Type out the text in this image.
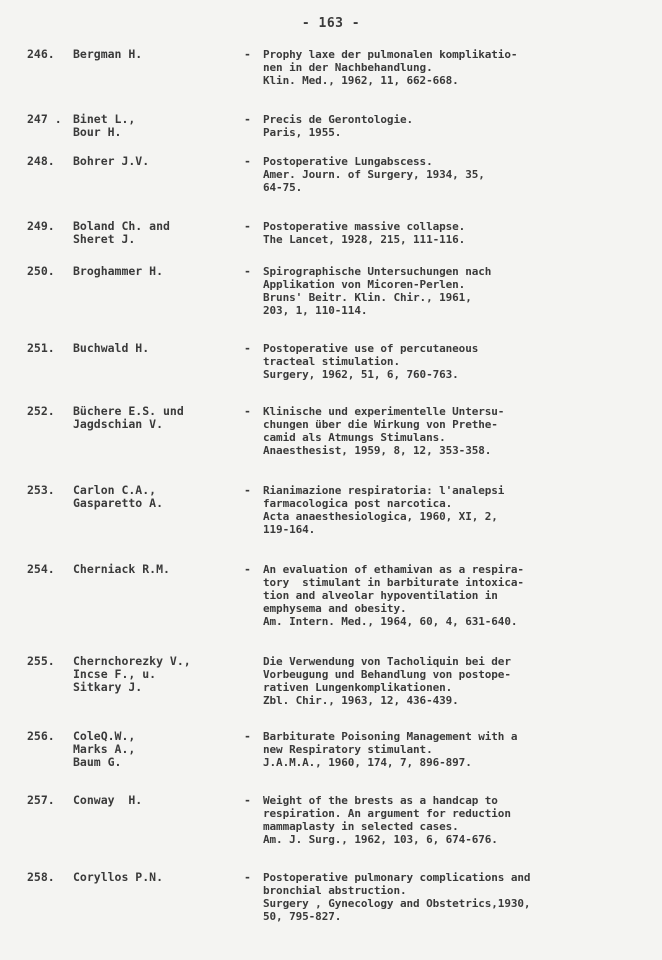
- 163 -
246. Bergman H.	- Prophy laxe der pulmonalen komplikatio-
nen in der Nachbehandlung.
Klin. Med., 1962, 11, 662-668.
247 . Binet L.,
Bour H.
- Precis de Gerontologie.
Paris, 1955.
248. Bohrer J.V.	- Postoperative Lungabscess.
Amer. Journ. of Surgery, 1934, 35,
64-75.
249. Boland Ch. and
Sheret J.
- Postoperative massive collapse.
The Lancet, 1928, 215, 111-116.
250. Broghammer H.	- Spirographische Untersuchungen nach
Applikation von Micoren-Perlen.
Bruns' Beitr. Klin. Chir., 1961,
203, 1, 110-114.
251. Buchwald H.	- Postoperative use of percutaneous
tracteal stimulation.
Surgery, 1962, 51, 6, 760-763.
252. Büchere E.S. und
Jagdschian V.
- Klinische und experimentelle Untersu-
chungen über die Wirkung von Prethe-
camid als Atmungs Stimulans.
Anaesthesist, 1959, 8, 12, 353-358.
253. Carlon C.A.,
Gasparetto A.
- Rianimazione respiratoria: l'analepsi
farmacologica post narcotica.
Acta anaesthesiologica, 1960, XI, 2,
119-164.
254. Cherniack R.M.	- An evaluation of ethamivan as a respira-
tory  stimulant in barbiturate intoxica-
tion and alveolar hypoventilation in
emphysema and obesity.
Am. Intern. Med., 1964, 60, 4, 631-640.
255. Chernchorezky V.,
Incse F., u.
Sitkary J.
Die Verwendung von Tacholiquin bei der
Vorbeugung und Behandlung von postope-
rativen Lungenkomplikationen.
Zbl. Chir., 1963, 12, 436-439.
256. ColeQ.W.,
Marks A.,
Baum G.
- Barbiturate Poisoning Management with a
new Respiratory stimulant.
J.A.M.A., 1960, 174, 7, 896-897.
257. Conway  H.	- Weight of the brests as a handcap to
respiration. An argument for reduction
mammaplasty in selected cases.
Am. J. Surg., 1962, 103, 6, 674-676.
258. Coryllos P.N.	- Postoperative pulmonary complications and
bronchial abstruction.
Surgery , Gynecology and Obstetrics,1930,
50, 795-827.
